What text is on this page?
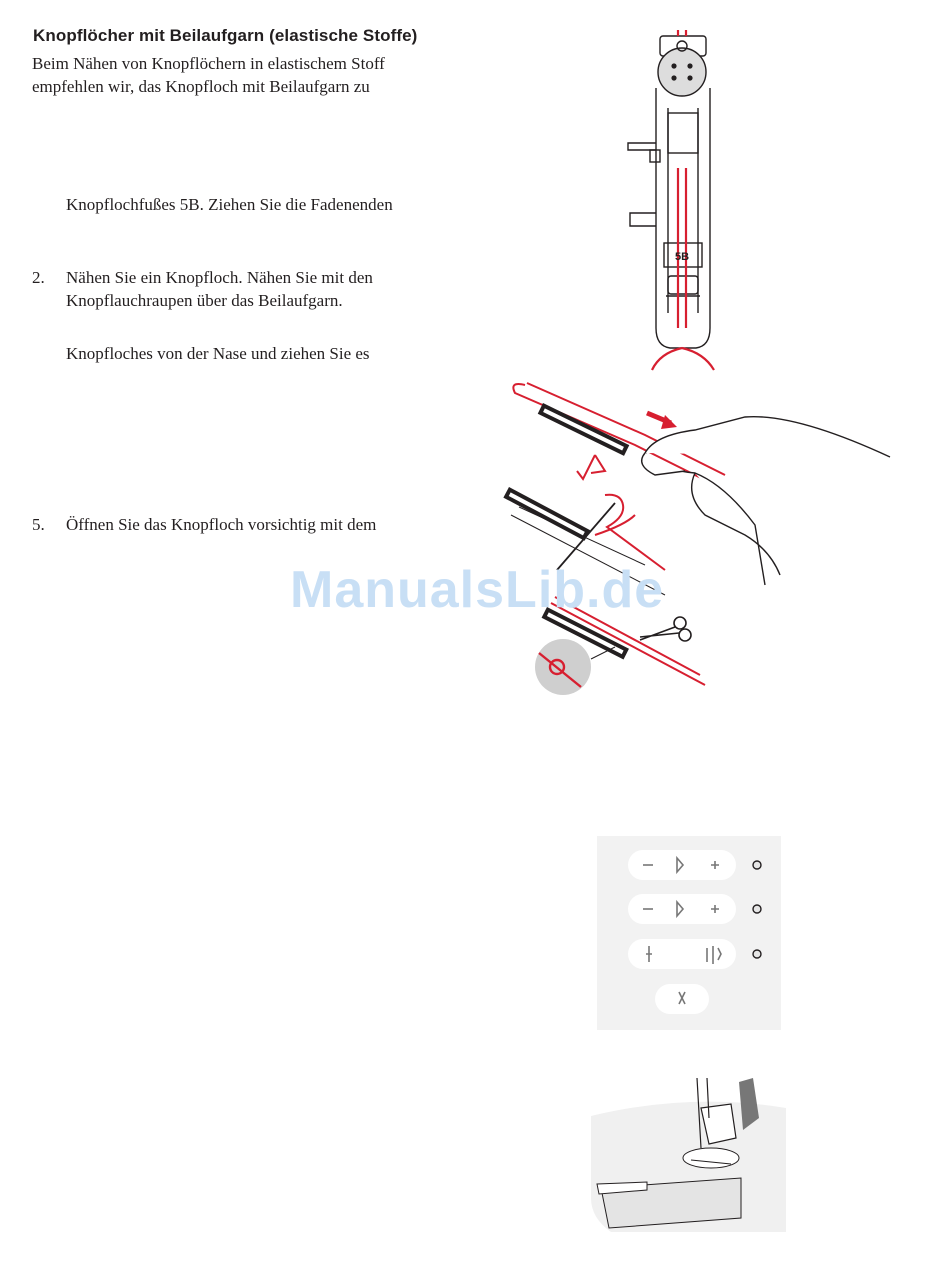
Knopflöcher mit Beilaufgarn (elastische Stoffe)
Beim Nähen von Knopflöchern in elastischem Stoff
empfehlen wir, das Knopfloch mit Beilaufgarn zu
Knopflochfußes 5B. Ziehen Sie die Fadenenden
2. Nähen Sie ein Knopfloch. Nähen Sie mit den
Knopflauchraupen über das Beilaufgarn.
Knopfloches von der Nase und ziehen Sie es
5. Öffnen Sie das Knopfloch vorsichtig mit dem
5B
ManualsLib.de
